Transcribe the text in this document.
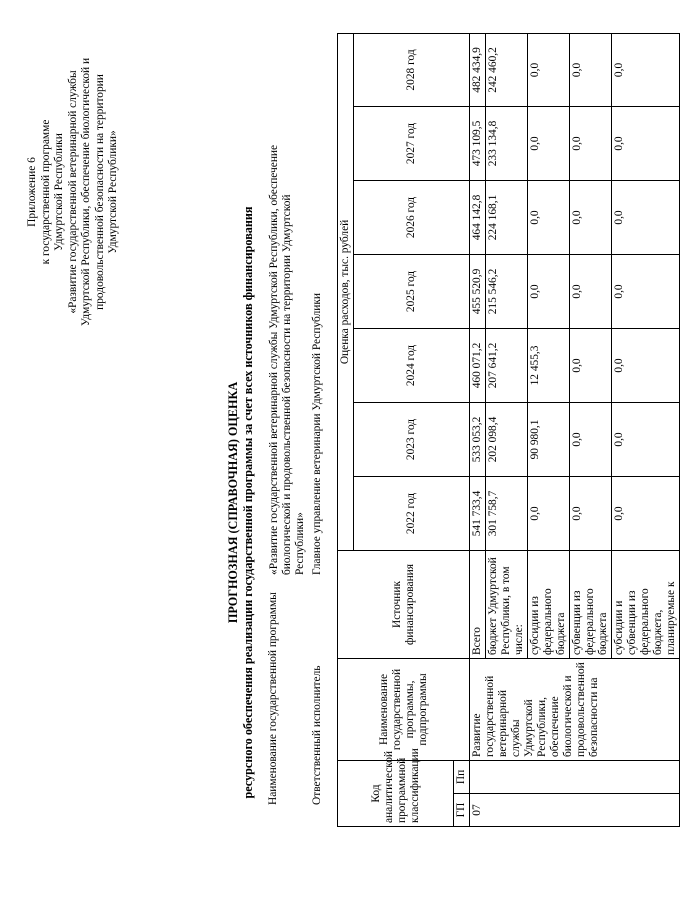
Приложение 6 к государственной программе Удмуртской Республики «Развитие государственной ветеринарной службы Удмуртской Республики, обеспечение биологической и продовольственной безопасности на территории Удмуртской Республики»
ПРОГНОЗНАЯ (СПРАВОЧНАЯ) ОЦЕНКА ресурсного обеспечения реализации государственной программы за счет всех источников финансирования Наименование государственной программы
«Развитие государственной ветеринарной службы Удмуртской Республики, обеспечение биологической и продовольственной безопасности на территории Удмуртской Республики»
Ответственный исполнитель
Главное управление ветеринарии Удмуртской Республики
Код аналитической программной классификации		Наименование государственной программы, подпрограммы	Источник финансирования	Оценка расходов, тыс. рублей						
				2022 год	2023 год	2024 год	2025 год	2026 год	2027 год	2028 год
ГП	Пп									
07		Развитие государственной ветеринарной службы Удмуртской Республики, обеспечение биологической и продовольственной безопасности на	Всего	541 733,4	533 053,2	460 071,2	455 520,9	464 142,8	473 109,5	482 434,9
			бюджет Удмуртской Республики, в том числе:	301 758,7	202 098,4	207 641,2	215 546,2	224 168,1	233 134,8	242 460,2
			субсидии из федерального бюджета	0,0	90 980,1	12 455,3	0,0	0,0	0,0	0,0
			субвенции из федерального бюджета	0,0	0,0	0,0	0,0	0,0	0,0	0,0
			субсидии и субвенции из федерального бюджета, планируемые к	0,0	0,0	0,0	0,0	0,0	0,0	0,0
